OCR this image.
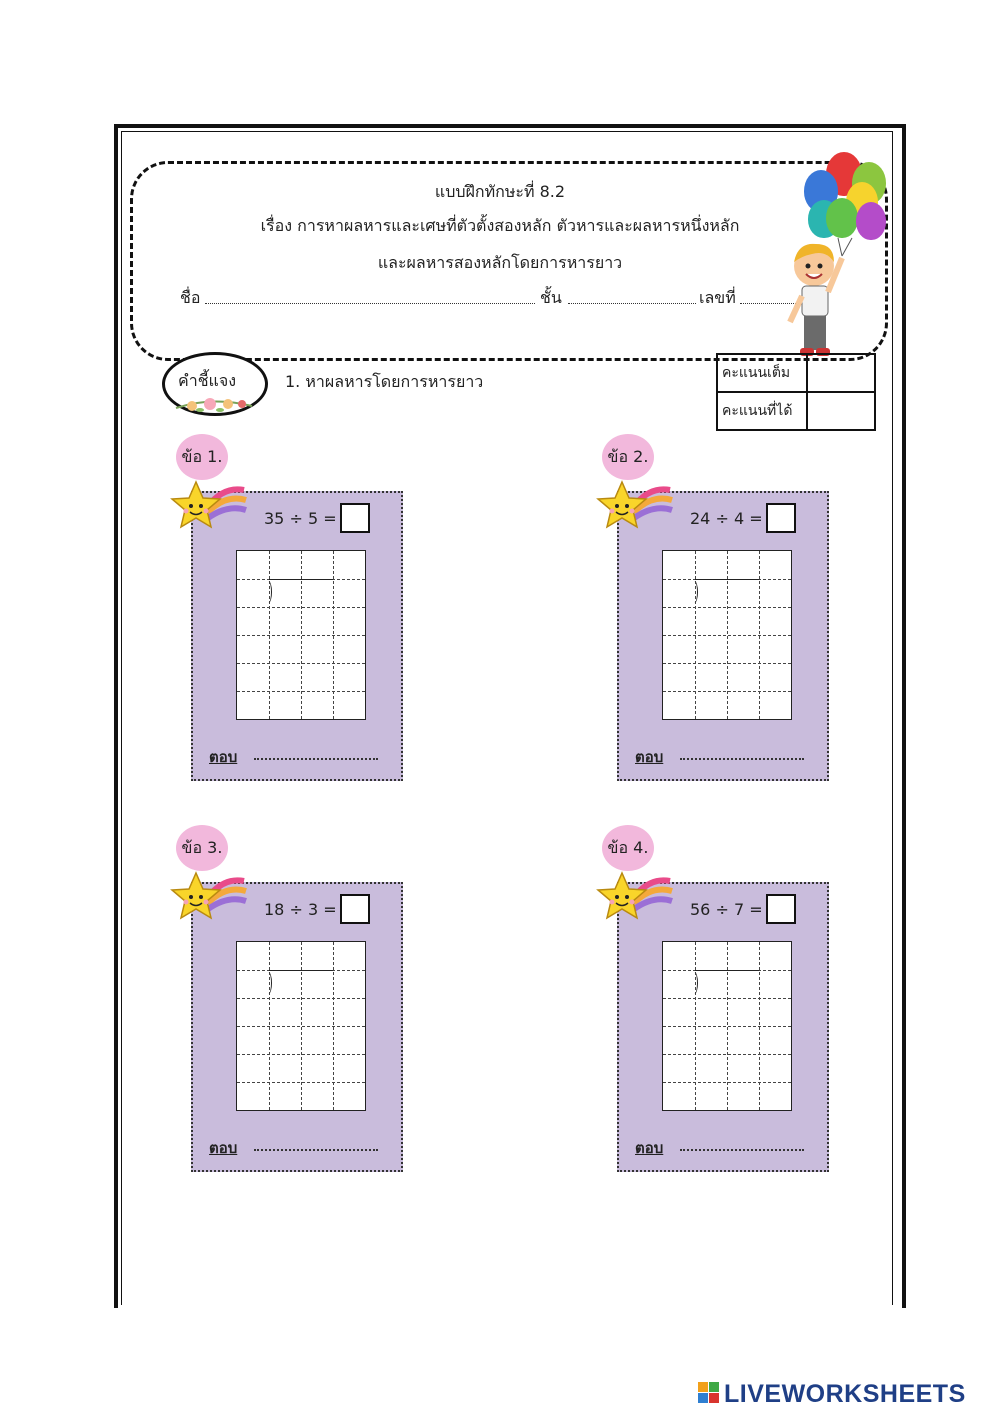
แบบฝึกทักษะที่ 8.2
เรื่อง การหาผลหารและเศษที่ตัวตั้งสองหลัก ตัวหารและผลหารหนึ่งหลัก
และผลหารสองหลักโดยการหารยาว
ชื่อ	ชั้น	เลขที่
คำชี้แจง	1. หาผลหารโดยการหารยาว	คะแนนเต็ม	
คะแนนที่ได้	
ข้อ 1.
35 ÷ 5 =
ตอบ
ข้อ 2.
24 ÷ 4 =
ตอบ
ข้อ 3.
18 ÷ 3 =
ตอบ
ข้อ 4.
56 ÷ 7 =
ตอบ
LIVEWORKSHEETS
